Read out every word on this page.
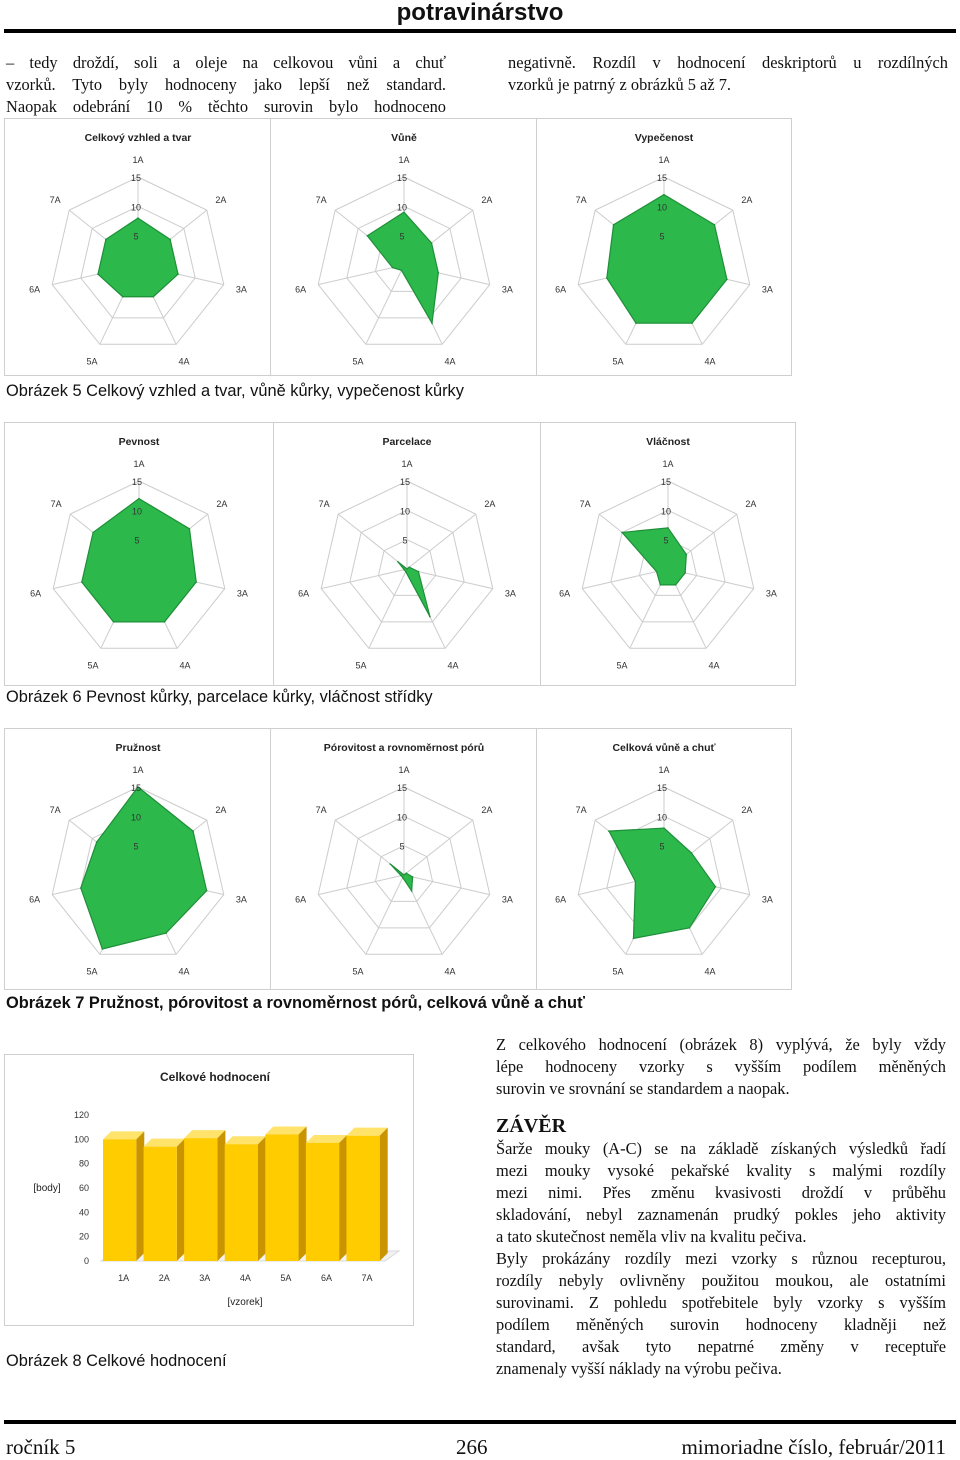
potravinárstvo

– tedy droždí, soli a oleje na celkovou vůni a chuť

vzorků. Tyto byly hodnoceny jako lepší než standard.

Naopak odebrání 10 % těchto surovin bylo hodnoceno

negativně. Rozdíl v hodnocení deskriptorů u rozdílných

vzorků je patrný z obrázků 5 až 7.

Celkový vzhled a tvar
5
10
15
1A
2A
3A
4A
5A
6A
7A
Vůně
5
10
15
1A
2A
3A
4A
5A
6A
7A
Vypečenost
5
10
15
1A
2A
3A
4A
5A
6A
7A
Obrázek 5 Celkový vzhled a tvar, vůně kůrky, vypečenost kůrky
Pevnost
5
10
15
1A
2A
3A
4A
5A
6A
7A
Parcelace
5
10
15
1A
2A
3A
4A
5A
6A
7A
Vláčnost
5
10
15
1A
2A
3A
4A
5A
6A
7A
Obrázek 6 Pevnost kůrky, parcelace kůrky, vláčnost střídky
Pružnost
5
10
15
1A
2A
3A
4A
5A
6A
7A
Pórovitost a rovnoměrnost pórů
5
10
15
1A
2A
3A
4A
5A
6A
7A
Celková vůně a chuť
5
10
15
1A
2A
3A
4A
5A
6A
7A
Obrázek 7 Pružnost, pórovitost a rovnoměrnost pórů, celková vůně a chuť
Celkové hodnocení
0
20
40
60
80
100
120
[body]
1A	2A	3A	4A	5A	6A	7A
[vzorek]
Obrázek 8 Celkové hodnocení

Z celkového hodnocení (obrázek 8) vyplývá, že byly vždy

lépe hodnoceny vzorky s vyšším podílem měněných

surovin ve srovnání se standardem a naopak.

ZÁVĚR

Šarže mouky (A-C) se na základě získaných výsledků řadí

mezi mouky vysoké pekařské kvality s malými rozdíly

mezi nimi. Přes změnu kvasivosti droždí v průběhu

skladování, nebyl zaznamenán prudký pokles jeho aktivity

a tato skutečnost neměla vliv na kvalitu pečiva.

Byly prokázány rozdíly mezi vzorky s různou recepturou,

rozdíly nebyly ovlivněny použitou moukou, ale ostatními

surovinami. Z pohledu spotřebitele byly vzorky s vyšším

podílem měněných surovin hodnoceny kladněji než

standard, avšak tyto nepatrné změny v receptuře

znamenaly vyšší náklady na výrobu pečiva.

ročník 5	266	mimoriadne číslo, február/2011
